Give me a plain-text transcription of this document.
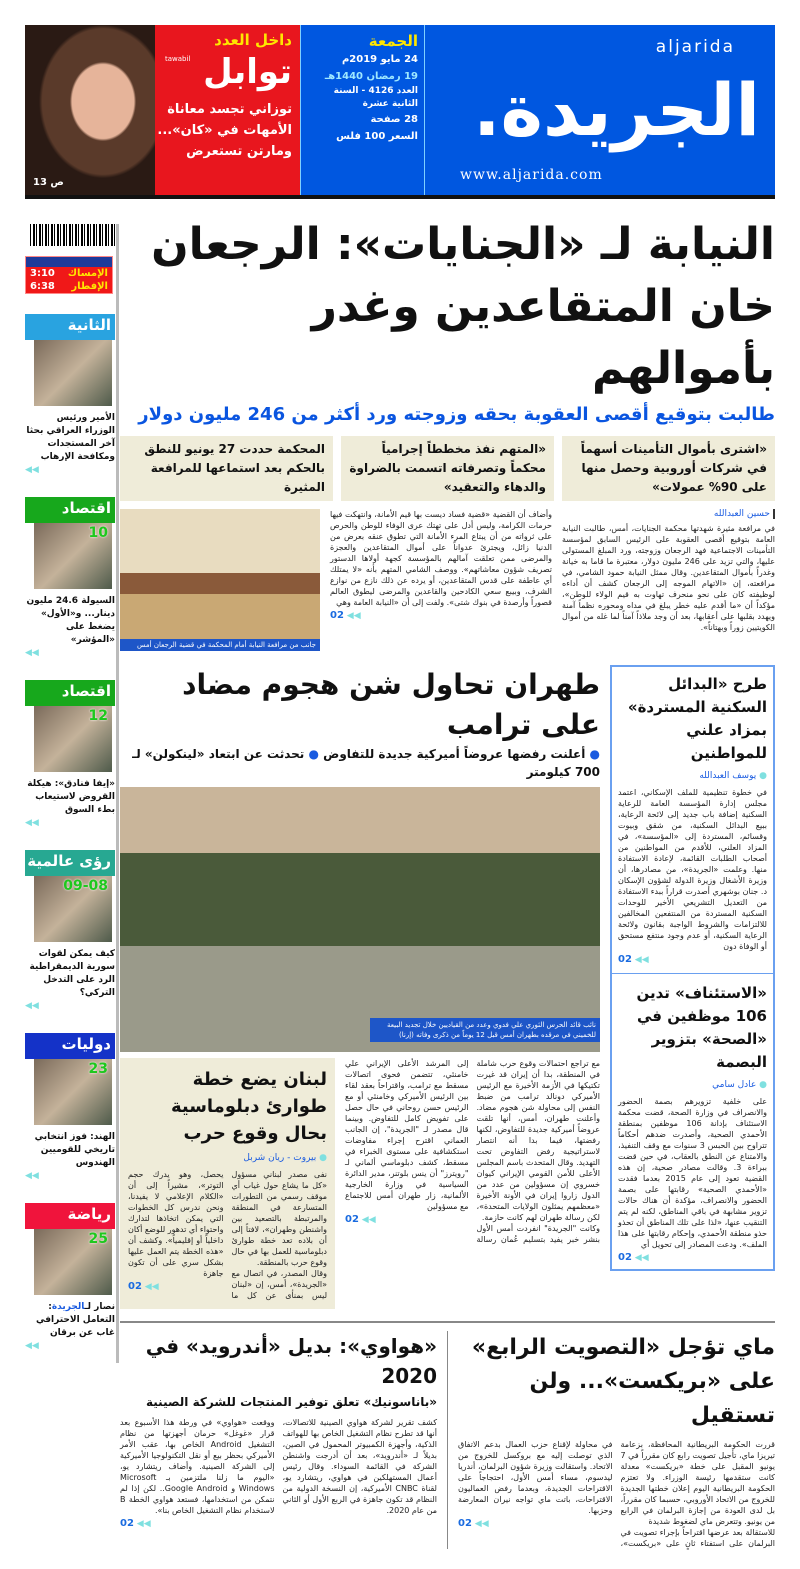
داخل العدد
tawabil توابل
توزاني تجسد معاناة الأمهات في «كان»... ومارتن تستعرض
ص 13
الجمعة
24 مايو 2019م
19 رمضان 1440هـ
العدد 4126 - السنة الثانية عشرة
28 صفحة
السعر 100 فلس
aljarida
الجريدة.
www.aljarida.com
3:10 الإمساك
6:38 الإفطار
الثانية
الأمير ورئيس الوزراء العراقي بحثا آخر المستجدات ومكافحة الإرهاب
◀◀
اقتصاد
10
السيولة 24.6 مليون دينار... و«الأول» يضغط على «المؤشر»
◀◀
اقتصاد
12
«إيفا فنادق»: هيكلة القروض لاستيعاب بطء السوق
◀◀
رؤى عالمية
09-08
كيف يمكن لقوات سورية الديمقراطية الرد على التدخل التركي؟
◀◀
دوليات
23
الهند: فوز انتخابي تاريخي للقوميين الهندوس
◀◀
رياضة
25
نصار لـالجريدة: التعامل الاحترافي غاب عن برقان
◀◀
النيابة لـ «الجنايات»: الرجعان
خان المتقاعدين وغدر بأموالهم
طالبت بتوقيع أقصى العقوبة بحقه وزوجته ورد أكثر من 246 مليون دولار
«اشترى بأموال التأمينات أسهماً في شركات أوروبية وحصل منها على 90% عمولات»
«المتهم نفذ مخططاً إجرامياً محكماً وتصرفاته اتسمت بالضراوة والدهاء والتعقيد»
المحكمة حددت 27 يونيو للنطق بالحكم بعد استماعها للمرافعة المثيرة
حسين العبدالله
في مرافعة مثيرة شهدتها محكمة الجنايات، أمس، طالبت النيابة العامة بتوقيع أقصى العقوبة على الرئيس السابق لمؤسسة التأمينات الاجتماعية فهد الرجعان وزوجته، ورد المبلغ المستولى عليها، والتي تزيد على 246 مليون دولار، معتبرة ما قاما به خيانة وغدراً بأموال المتقاعدين. وقال ممثل النيابة حمود الشامي، في مرافعته، إن «الاتهام الموجه إلى الرجعان كشف أن أداءه لوظيفته كان على نحو منحرف تهاوت به قيم الولاء للوطن»، مؤكداً أن «ما أقدم عليه خطر يبلغ في مداه ومحوره نظماً آمنة ويهدد بقلبها على أعقابها، بعد أن وجد ملاذاً آمناً لما غله من أموال الكويتيين زوراً وبهتاناً».
وأضاف أن القضية «قضية فساد ديست بها قيم الأمانة، وانتهكت فيها حرمات الكرامة، وليس أدل على تهتك عرى الوفاء للوطن والحرص على ثرواته من أن يبتاع المرء الأمانة التي تطوق عنقه بعرض من الدنيا زائل، ويجترئ عدواناً على أموال المتقاعدين والعجزة والمرضى ممن تعلقت آمالهم بالمؤسسة كجهة أولاها الدستور تصريف شؤون معاشاتهم». ووصف الشامي المتهم بأنه «لا يمتلك أي عاطفة على قدس المتقاعدين، أو يرده عن ذلك نازع من نوازع الشرف، وبيبع سعي الكادحين والقاعدين والمرضى ليطوق العالم قصوراً وأرصدة في بنوك شتى». ولفت إلى أن «النيابة العامة وهي
02 ◀◀
جانب من مرافعة النيابة أمام المحكمة في قضية الرجعان أمس
طرح «البدائل السكنية المستردة» بمزاد علني للمواطنين
● يوسف العبدالله
في خطوة تنظيمية للملف الإسكاني، اعتمد مجلس إدارة المؤسسة العامة للرعاية السكنية إضافة باب جديد إلى لائحة الرعاية، ببيع البدائل السكنية، من شقق وبيوت وقسائم، المستردة إلى «المؤسسة»، في المزاد العلني، للأقدم من المواطنين من أصحاب الطلبات القائمة، لإعادة الاستفادة منها. وعلمت «الجريدة»، من مصادرها، أن وزيرة الأشغال وزيرة الدولة لشؤون الإسكان د. جنان بوشهري أصدرت قراراً ببدء الاستفادة من التعديل التشريعي الأخير للوحدات السكنية المستردة من المنتفعين المخالفين للالتزامات والشروط الواجبة بقانون ولائحة الرعاية السكنية، أو عدم وجود منتفع مستحق أو الوفاة دون
02 ◀◀
«الاستئناف» تدين 106 موظفين في «الصحة» بتزوير البصمة
● عادل سامي
على خلفية تزويرهم بصمة الحضور والانصراف في وزارة الصحة، قضت محكمة الاستئناف بإدانة 106 موظفين بمنطقة الأحمدي الصحية، وأصدرت ضدهم أحكاماً تتراوح بين الحبس 3 سنوات مع وقف التنفيذ، والامتناع عن النطق بالعقاب، في حين قضت ببراءة 3. وقالت مصادر صحية، إن هذه القضية تعود إلى عام 2015 بعدما فقدت «الأحمدي الصحية» رقابتها على بصمة الحضور والانصراف، مؤكدة أن هناك حالات تزوير مشابهة في باقي المناطق، لكنه لم يتم التنقيب عنها، «لذا على تلك المناطق أن تحذو حذو منطقة الأحمدي، وإحكام رقابتها على هذا الملف». ودعت المصادر إلى تحويل أي
02 ◀◀
طهران تحاول شن هجوم مضاد على ترامب
● أعلنت رفضها عروضاً أميركية جديدة للتفاوض ● تحدثت عن ابتعاد «لينكولن» لـ 700 كيلومتر
نائب قائد الحرس الثوري علي فدوي وعدد من القياديين خلال تجديد البيعة للخميني في مرقده بطهران أمس قبل 12 يوماً من ذكرى وفاته (إرنا)
مع تراجع احتمالات وقوع حرب شاملة في المنطقة، بدا أن إيران قد غيرت تكتيكها في الأزمة الأخيرة مع الرئيس الأميركي دونالد ترامب من ضبط النفس إلى محاولة شن هجوم مضاد. وأعلنت طهران، أمس، أنها تلقت عروضاً أميركية جديدة للتفاوض، لكنها رفضتها، فيما بدا أنه انتصار لاستراتيجية رفض التفاوض تحت التهديد. وقال المتحدث باسم المجلس الأعلى للأمن القومي الإيراني كيوان خسروي إن مسؤولين من عدد من الدول زاروا إيران في الأونة الأخيرة «معظمهم يمثلون الولايات المتحدة»، لكن رسالة طهران لهم كانت حازمة.
وكانت "الجريدة" انفردت أمس الأول بنشر خبر يفيد بتسليم عُمان رسالة إلى المرشد الأعلى الإيراني علي خامنئي، تتضمن فحوى اتصالات مسقط مع ترامب، واقتراحاً بعقد لقاء بين الرئيس الأميركي وخامنئي أو مع الرئيس حسن روحاني في حال حصل على تفويض كامل للتفاوض. وبينما قال مصدر لـ "الجريدة"، إن الجانب العماني اقترح إجراء مفاوضات استكشافية على مستوى الخبراء في مسقط، كشف دبلوماسي ألماني لـ "رويترز" أن ينس بلوتنر، مدير الدائرة السياسية في وزارة الخارجية الألمانية، زار طهران أمس للاجتماع مع مسؤولين
02 ◀◀
لبنان يضع خطة طوارئ دبلوماسية بحال وقوع حرب
● بيروت - ريان شربل
نفى مصدر لبناني مسؤول «كل ما يشاع حول غياب أي موقف رسمي من التطورات المتسارعة في المنطقة والمرتبطة بالتصعيد بين واشنطن وطهران»، لافتاً إلى أن بلاده تعد خطة طوارئ دبلوماسية للعمل بها في حال وقوع حرب بالمنطقة.
وقال المصدر، في اتصال مع «الجريدة»، أمس، إن «لبنان ليس بمنأى عن كل ما يحصل، وهو يدرك حجم التوتر»، مشيراً إلى أن «الكلام الإعلامي لا يفيدنا، ونحن ندرس كل الخطوات التي يمكن اتخاذها لتدارك واحتواء أي تدهور للوضع أكان داخلياً أو إقليمياً». وكشف أن «هذه الخطة يتم العمل عليها بشكل سري على أن تكون جاهزة
02 ◀◀
ماي تؤجل «التصويت الرابع» على «بريكست»... ولن تستقيل
قررت الحكومة البريطانية المحافظة، بزعامة تيريزا ماي، تأجيل تصويت رابع كان مقرراً في 7 يونيو المقبل على خطة «بريكست» معدلة كانت ستقدمها رئيسة الوزراء. ولا تعتزم الحكومة البريطانية اليوم إعلان خطتها الجديدة للخروج من الاتحاد الأوروبي، حسبما كان مقرراً، بل لدى العودة من إجازة البرلمان في الرابع من يونيو. وتتعرض ماي لضغوط شديدة
للاستقالة بعد عرضها اقتراحاً بإجراء تصويت في البرلمان على استفتاء ثانٍ على «بريكست»، في محاولة لإقناع حزب العمال بدعم الاتفاق الذي توصلت إليه مع بروكسل للخروج من الاتحاد. واستقالت وزيرة شؤون البرلمان، أندريا ليدسوم، مساء أمس الأول، احتجاجاً على الاقتراحات الجديدة، وبعدما رفض العماليون الاقتراحات، باتت ماي تواجه نيران المعارضة وحزبها.
02 ◀◀
«هواوي»: بديل «أندرويد» في 2020
«باناسونيك» تعلق توفير المنتجات للشركة الصينية
كشف تقرير لشركة هواوي الصينية للاتصالات، أنها قد تطرح نظام التشغيل الخاص بها للهواتف الذكية، وأجهزة الكمبيوتر المحمول في الصين، بديلاً لـ «أندرويد»، بعد أن أدرجت واشنطن الشركة في القائمة السوداء. وقال رئيس أعمال المستهلكين في هواوي، ريتشارد يو، لقناة CNBC الأميركية، إن النسخة الدولية من النظام قد تكون جاهزة في الربع الأول أو الثاني من عام 2020.
ووقعت «هواوي» في ورطة هذا الأسبوع بعد قرار «غوغل» حرمان أجهزتها من نظام التشغيل Android الخاص بها، عقب الأمر الأميركي بحظر بيع أو نقل التكنولوجيا الأميركية إلى الشركة الصينية. وأضاف ريتشارد يو، «اليوم ما زلنا ملتزمين بـ Microsoft Windows و Google Android.. لكن إذا لم نتمكن من استخدامها، فستعد هواوي الخطة B لاستخدام نظام التشغيل الخاص بنا».
02 ◀◀
